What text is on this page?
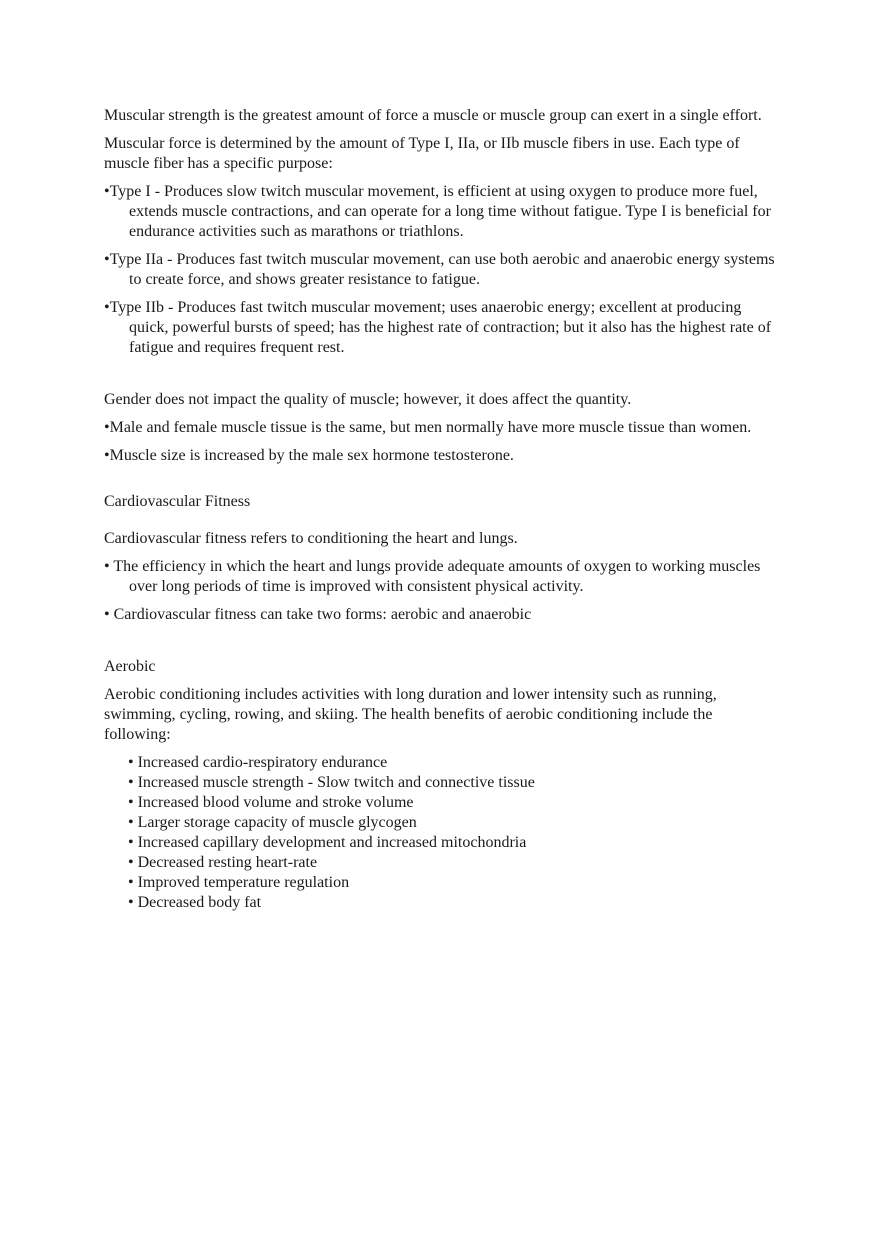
Muscular strength is the greatest amount of force a muscle or muscle group can exert in a single effort.

Muscular force is determined by the amount of Type I, IIa, or IIb muscle fibers in use. Each type of muscle fiber has a specific purpose:

•Type I - Produces slow twitch muscular movement, is efficient at using oxygen to produce more fuel, extends muscle contractions, and can operate for a long time without fatigue. Type I is beneficial for endurance activities such as marathons or triathlons.

•Type IIa - Produces fast twitch muscular movement, can use both aerobic and anaerobic energy systems to create force, and shows greater resistance to fatigue.

•Type IIb - Produces fast twitch muscular movement; uses anaerobic energy; excellent at producing quick, powerful bursts of speed; has the highest rate of contraction; but it also has the highest rate of fatigue and requires frequent rest.

Gender does not impact the quality of muscle; however, it does affect the quantity.

•Male and female muscle tissue is the same, but men normally have more muscle tissue than women.

•Muscle size is increased by the male sex hormone testosterone.

Cardiovascular Fitness

Cardiovascular fitness refers to conditioning the heart and lungs.

• The efficiency in which the heart and lungs provide adequate amounts of oxygen to working muscles over long periods of time is improved with consistent physical activity.

• Cardiovascular fitness can take two forms: aerobic and anaerobic

Aerobic

Aerobic conditioning includes activities with long duration and lower intensity such as running, swimming, cycling, rowing, and skiing. The health benefits of aerobic conditioning include the following:

• Increased cardio-respiratory endurance
• Increased muscle strength - Slow twitch and connective tissue
• Increased blood volume and stroke volume
• Larger storage capacity of muscle glycogen
• Increased capillary development and increased mitochondria
• Decreased resting heart-rate
• Improved temperature regulation
• Decreased body fat
